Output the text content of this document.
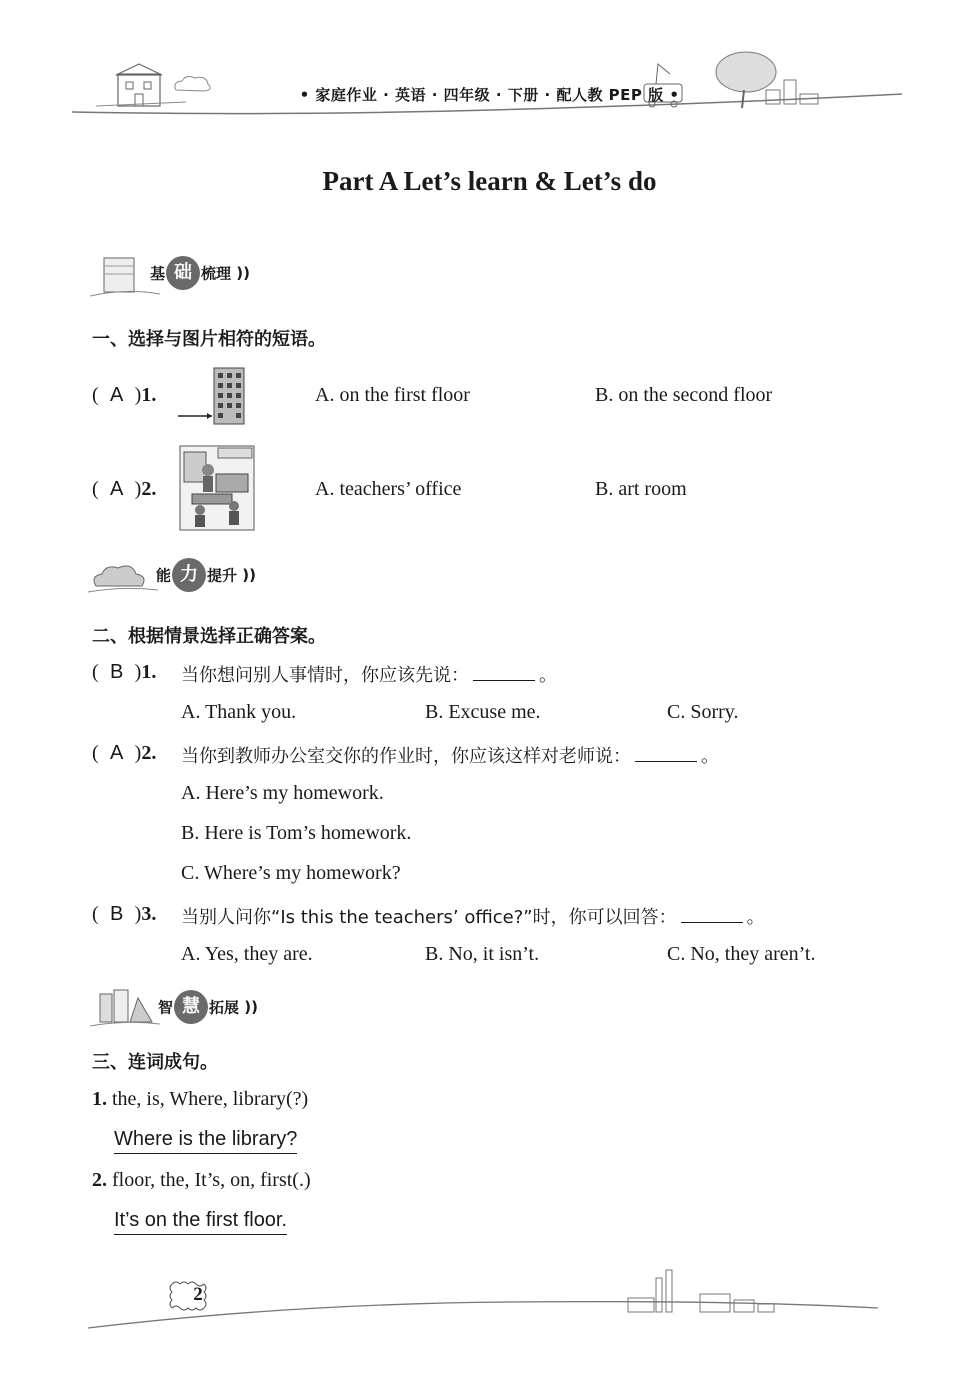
• 家庭作业 · 英语 · 四年级 · 下册 · 配人教 PEP 版 •
Part A Let’s learn & Let’s do
基 础 梳理 ))
一、选择与图片相符的短语。
( A )1.	A. on the first floor	B. on the second floor
( A )2.	A. teachers’ office	B. art room
能 力 提升 ))
二、根据情景选择正确答案。
( B )1. 当你想问别人事情时，你应该先说：	。
A. Thank you.	B. Excuse me.	C. Sorry.
( A )2. 当你到教师办公室交你的作业时，你应该这样对老师说：	。
A. Here’s my homework.
B. Here is Tom’s homework.
C. Where’s my homework?
( B )3. 当别人问你“Is this the teachers’ office?”时，你可以回答：	。
A. Yes, they are.	B. No, it isn’t.	C. No, they aren’t.
智 慧 拓展 ))
三、连词成句。
1. the, is, Where, library(?)
Where is the library?
2. floor, the, It’s, on, first(.)
It’s on the first floor.
2
